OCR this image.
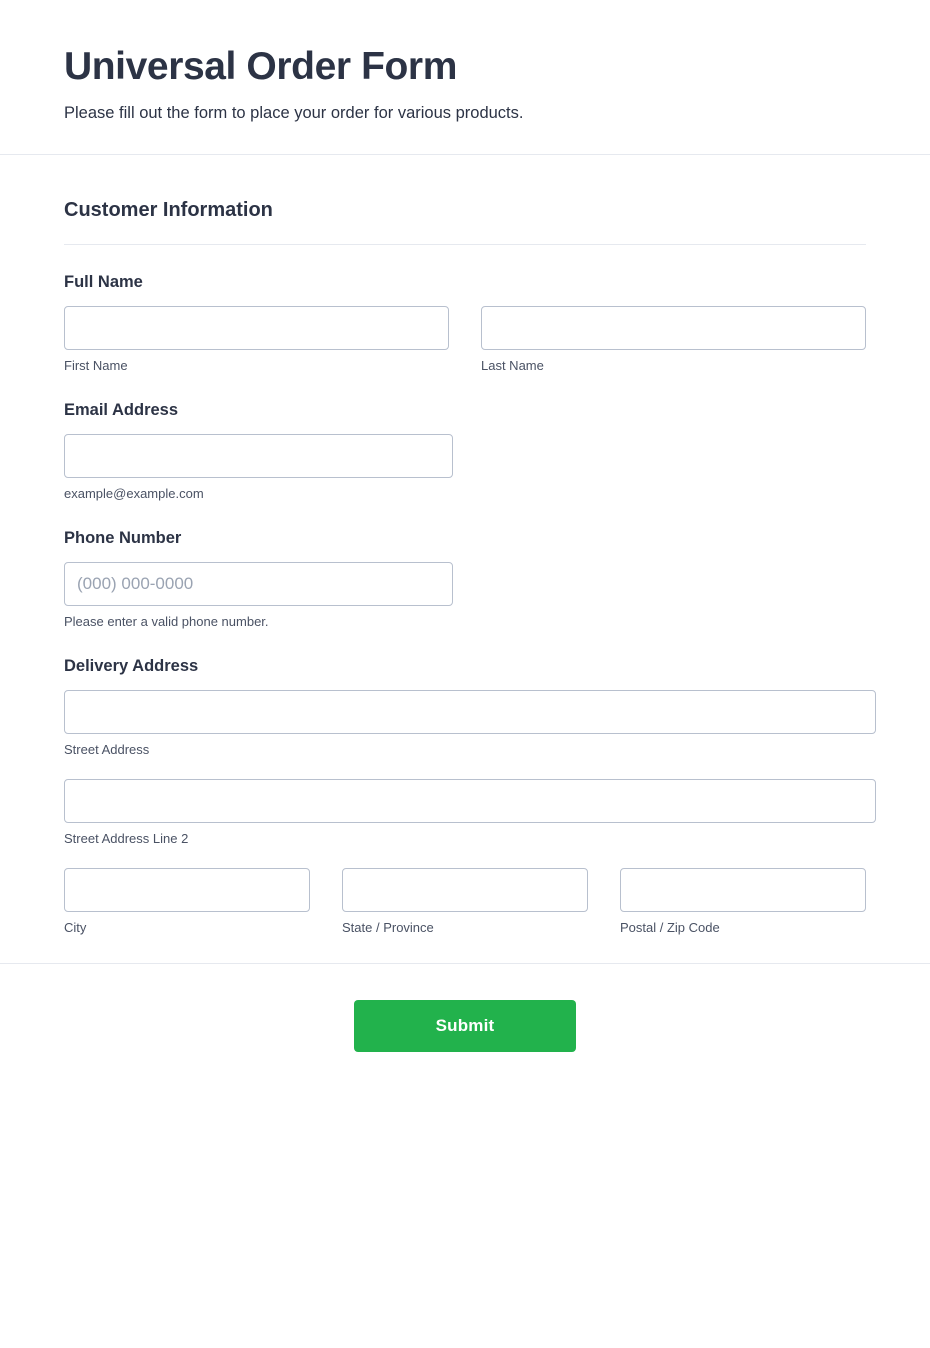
Universal Order Form

Please fill out the form to place your order for various products.

Customer Information
Full Name
First Name	Last Name
Email Address
example@example.com
Phone Number
(000) 000-0000
Please enter a valid phone number.
Delivery Address
Street Address
Street Address Line 2
City	State / Province	Postal / Zip Code
Submit
